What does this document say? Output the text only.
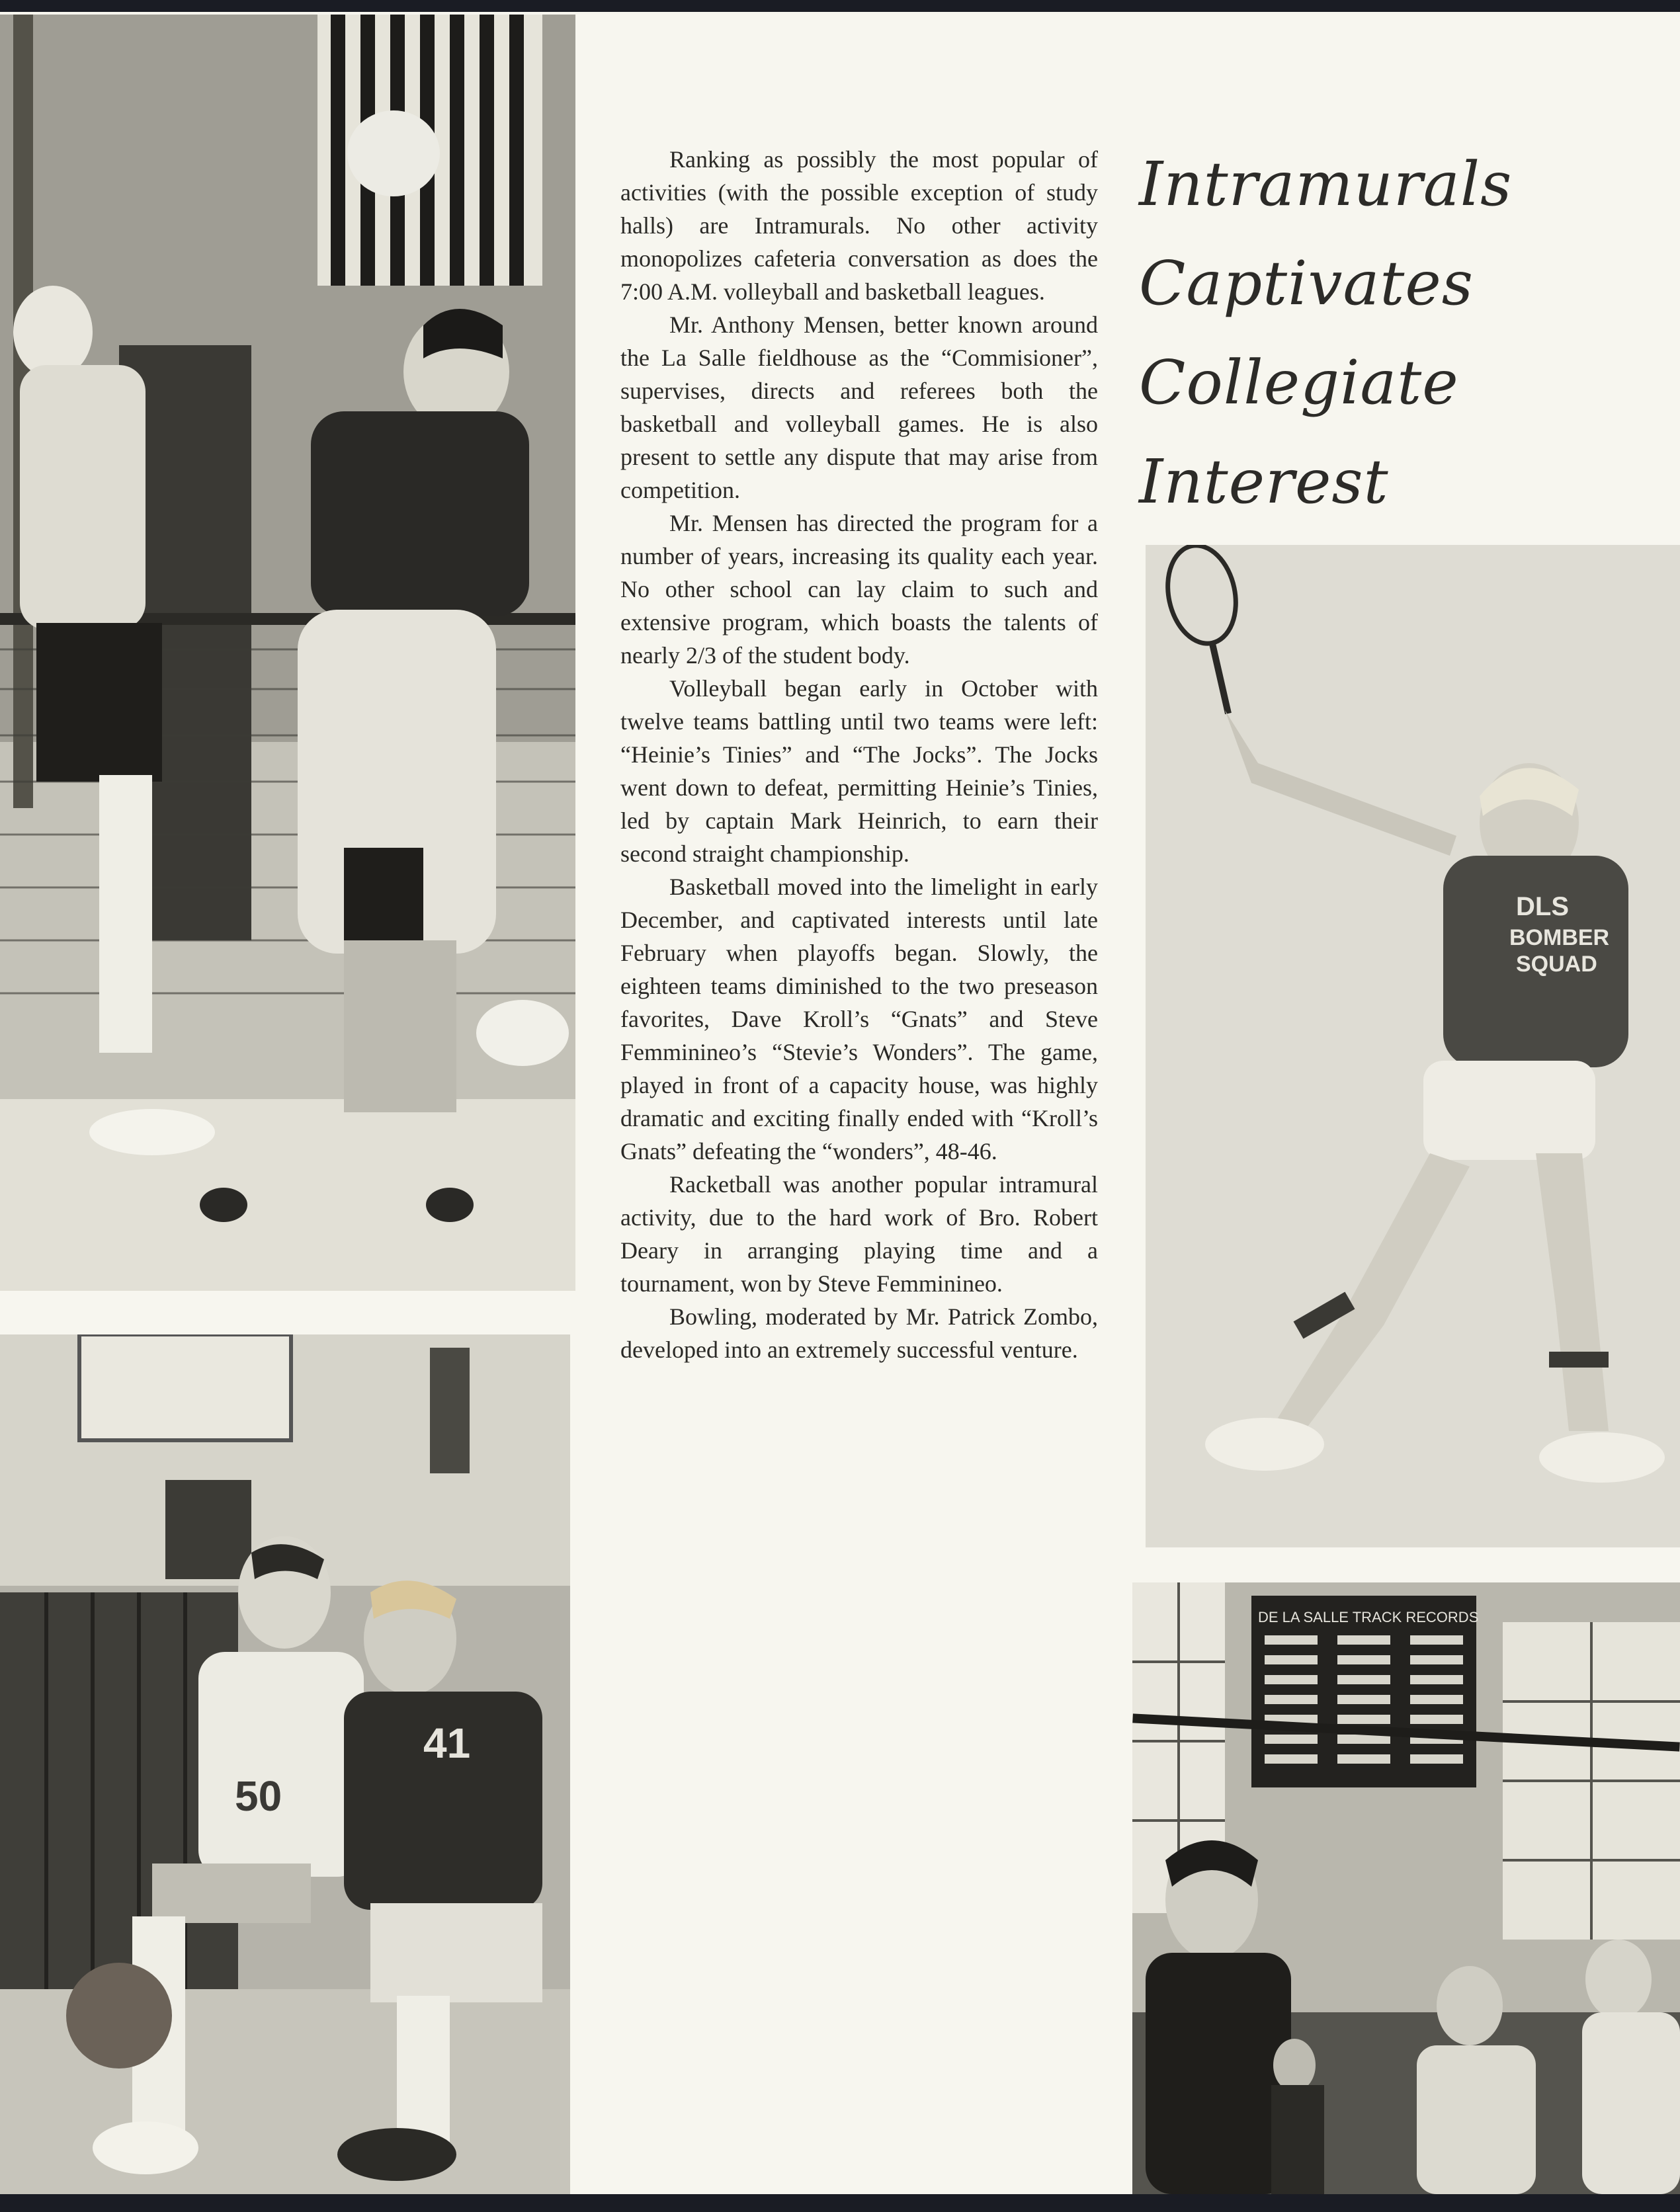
50
41
DLS
BOMBER
SQUAD
DE LA SALLE TRACK RECORDS
Intramurals
Captivates
Collegiate
Interest

Ranking as possibly the most popular of activities (with the possible exception of study halls) are Intramurals. No other activity monopolizes cafeteria conversation as does the 7:00 A.M. volleyball and basketball leagues.

Mr. Anthony Mensen, better known around the La Salle fieldhouse as the “Commisioner”, supervises, directs and referees both the basketball and volleyball games. He is also present to settle any dispute that may arise from competition.

Mr. Mensen has directed the program for a number of years, increasing its quality each year. No other school can lay claim to such and extensive program, which boasts the talents of nearly 2/3 of the student body.

Volleyball began early in October with twelve teams battling until two teams were left: “Heinie’s Tinies” and “The Jocks”. The Jocks went down to defeat, permitting Heinie’s Tinies, led by captain Mark Heinrich, to earn their second straight championship.

Basketball moved into the limelight in early December, and captivated interests until late February when playoffs began. Slowly, the eighteen teams diminished to the two preseason favorites, Dave Kroll’s “Gnats” and Steve Femminineo’s “Stevie’s Wonders”. The game, played in front of a capacity house, was highly dramatic and exciting finally ended with “Kroll’s Gnats” defeating the “wonders”, 48-46.

Racketball was another popular intramural activity, due to the hard work of Bro. Robert Deary in arranging playing time and a tournament, won by Steve Femminineo.

Bowling, moderated by Mr. Patrick Zombo, developed into an extremely successful venture.
